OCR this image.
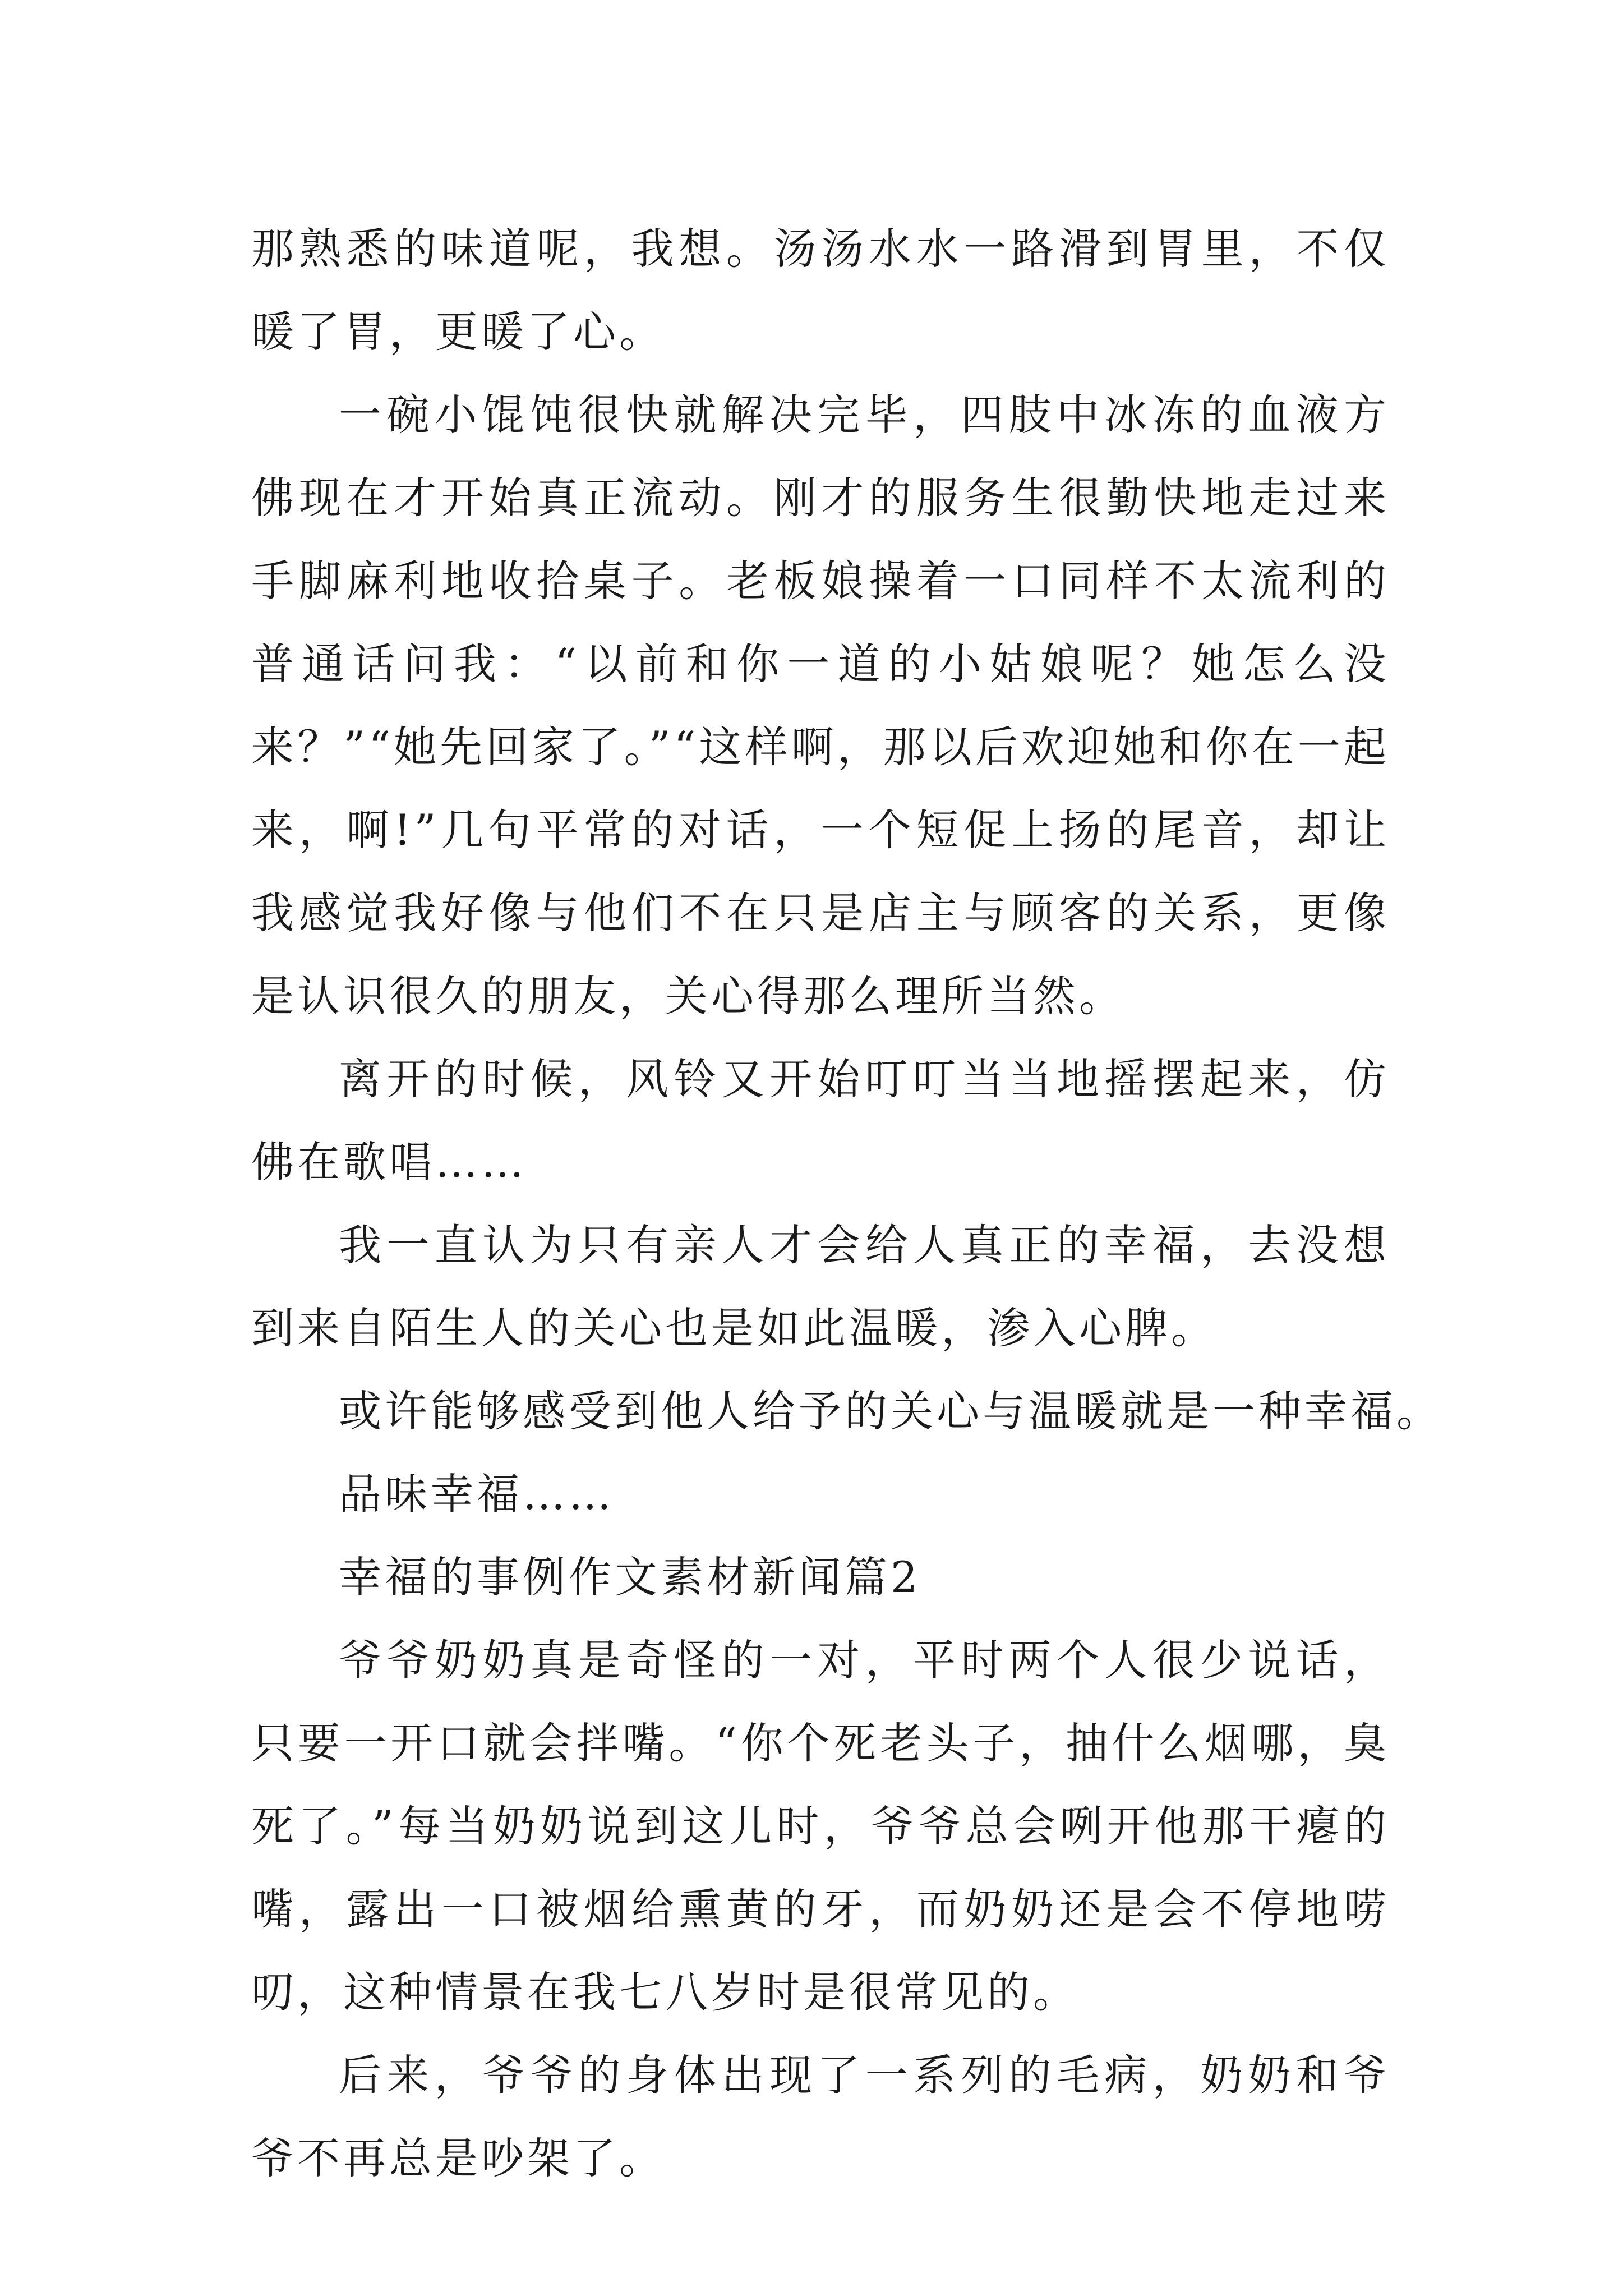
那熟悉的味道呢，我想。汤汤水水一路滑到胃里，不仅暖了胃，更暖了心。

一碗小馄饨很快就解决完毕，四肢中冰冻的血液方佛现在才开始真正流动。刚才的服务生很勤快地走过来手脚麻利地收拾桌子。老板娘操着一口同样不太流利的普通话问我：“以前和你一道的小姑娘呢？她怎么没来？”“她先回家了。”“这样啊，那以后欢迎她和你在一起来，啊!”几句平常的对话，一个短促上扬的尾音，却让我感觉我好像与他们不在只是店主与顾客的关系，更像是认识很久的朋友，关心得那么理所当然。

离开的时候，风铃又开始叮叮当当地摇摆起来，仿佛在歌唱……

我一直认为只有亲人才会给人真正的幸福，去没想到来自陌生人的关心也是如此温暖，渗入心脾。

或许能够感受到他人给予的关心与温暖就是一种幸福。

品味幸福……

幸福的事例作文素材新闻篇2

爷爷奶奶真是奇怪的一对，平时两个人很少说话，只要一开口就会拌嘴。“你个死老头子，抽什么烟哪，臭死了。”每当奶奶说到这儿时，爷爷总会咧开他那干瘪的嘴，露出一口被烟给熏黄的牙，而奶奶还是会不停地唠叨，这种情景在我七八岁时是很常见的。

后来，爷爷的身体出现了一系列的毛病，奶奶和爷爷不再总是吵架了。
